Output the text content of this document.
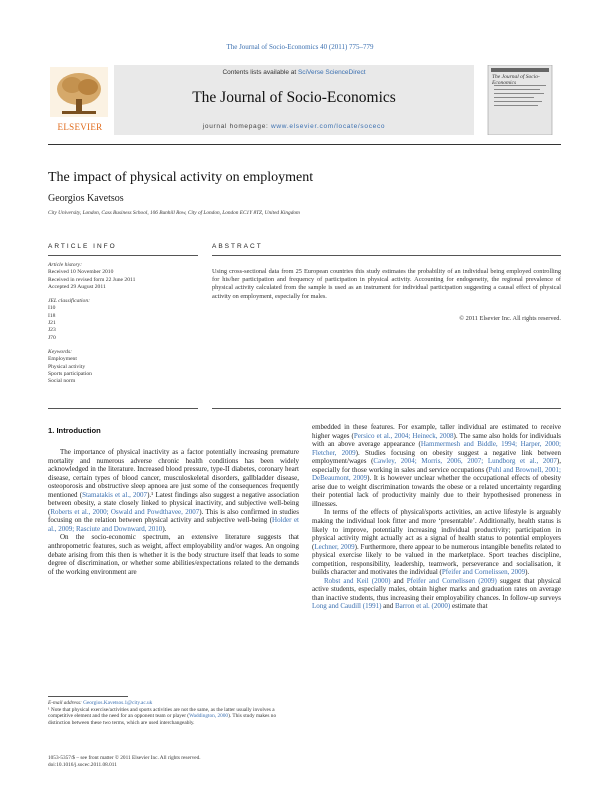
The Journal of Socio-Economics 40 (2011) 775–779
ELSEVIER
Contents lists available at SciVerse ScienceDirect
The Journal of Socio-Economics
journal homepage: www.elsevier.com/locate/soceco
The Journal of Socio-Economics
The impact of physical activity on employment
Georgios Kavetsos
City University, London, Cass Business School, 106 Bunhill Row, City of London, London EC1Y 8TZ, United Kingdom
ARTICLE INFO	ABSTRACT
Article history:
Received 10 November 2010
Received in revised form 22 June 2011
Accepted 29 August 2011
JEL classification:
I10
I18
J21
J23
J70
Keywords:
Employment
Physical activity
Sports participation
Social norm
Using cross-sectional data from 25 European countries this study estimates the probability of an individual being employed controlling for his/her participation and frequency of participation in physical activity. Accounting for endogeneity, the regional prevalence of physical activity calculated from the sample is used as an instrument for individual participation suggesting a causal effect of physical activity on employment, especially for males.
© 2011 Elsevier Inc. All rights reserved.
1. Introduction

The importance of physical inactivity as a factor potentially increasing premature mortality and numerous adverse chronic health conditions has been widely acknowledged in the literature. Increased blood pressure, type-II diabetes, coronary heart disease, certain types of blood cancer, musculoskeletal disorders, gallbladder disease, osteoporosis and obstructive sleep apnoea are just some of the consequences frequently mentioned (Stamatakis et al., 2007).¹ Latest findings also suggest a negative association between obesity, a state closely linked to physical inactivity, and subjective well-being (Roberts et al., 2000; Oswald and Powdthavee, 2007). This is also confirmed in studies focusing on the relation between physical activity and subjective well-being (Holder et al., 2009; Rasciute and Downward, 2010).

On the socio-economic spectrum, an extensive literature suggests that anthropometric features, such as weight, affect employability and/or wages. An ongoing debate arising from this then is whether it is the body structure itself that leads to some degree of discrimination, or whether some abilities/expectations related to the demands of the working environment are

embedded in these features. For example, taller individual are estimated to receive higher wages (Persico et al., 2004; Heineck, 2008). The same also holds for individuals with an above average appearance (Hammermesh and Biddle, 1994; Harper, 2000; Fletcher, 2009). Studies focusing on obesity suggest a negative link between employment/wages (Cawley, 2004; Morris, 2006, 2007; Lundborg et al., 2007), especially for those working in sales and service occupations (Puhl and Brownell, 2001; DeBeaumont, 2009). It is however unclear whether the occupational effects of obesity arise due to weight discrimination towards the obese or a related uncertainty regarding their potential lack of productivity mainly due to their hypothesised proneness in illnesses.

In terms of the effects of physical/sports activities, an active lifestyle is arguably making the individual look fitter and more ‘presentable’. Additionally, health status is likely to improve, potentially increasing individual productivity; participation in physical activity might actually act as a signal of health status to potential employers (Lechner, 2009). Furthermore, there appear to be numerous intangible benefits related to physical exercise likely to be valued in the marketplace. Sport teaches discipline, competition, responsibility, leadership, teamwork, perseverance and socialisation, it builds character and motivates the individual (Pfeifer and Cornelissen, 2009).

Robst and Keil (2000) and Pfeifer and Cornelissen (2009) suggest that physical active students, especially males, obtain higher marks and graduation rates on average than inactive students, thus increasing their employability chances. In follow-up surveys Long and Caudill (1991) and Barron et al. (2000) estimate that

E-mail address: Georgios.Kavetsos.1@city.ac.uk
¹ Note that physical exercise/activities and sports activities are not the same, as the latter usually involves a competitive element and the need for an opponent team or player (Waddington, 2000). This study makes no distinction between these two terms, which are used interchangeably.
1053-5357/$ – see front matter © 2011 Elsevier Inc. All rights reserved.
doi:10.1016/j.socec.2011.08.011
